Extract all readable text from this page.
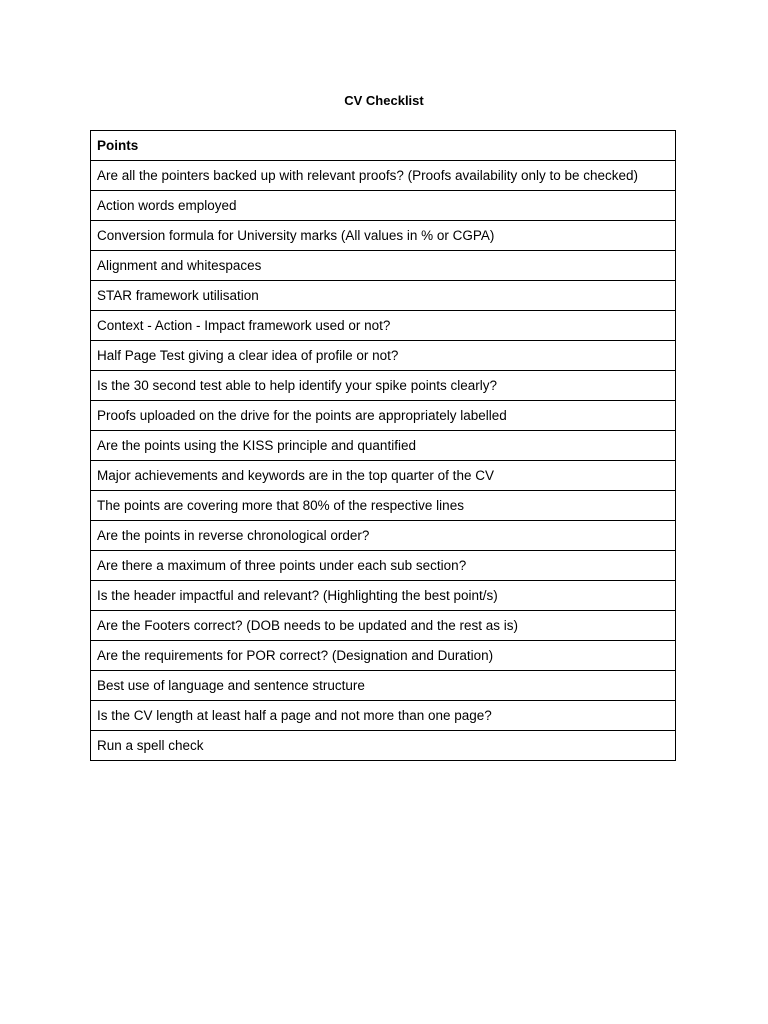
CV Checklist
Points
Are all the pointers backed up with relevant proofs? (Proofs availability only to be checked)
Action words employed
Conversion formula for University marks (All values in % or CGPA)
Alignment and whitespaces
STAR framework utilisation
Context - Action - Impact framework used or not?
Half Page Test giving a clear idea of profile or not?
Is the 30 second test able to help identify your spike points clearly?
Proofs uploaded on the drive for the points are appropriately labelled
Are the points using the KISS principle and quantified
Major achievements and keywords are in the top quarter of the CV
The points are covering more that 80% of the respective lines
Are the points in reverse chronological order?
Are there a maximum of three points under each sub section?
Is the header impactful and relevant? (Highlighting the best point/s)
Are the Footers correct? (DOB needs to be updated and the rest as is)
Are the requirements for POR correct? (Designation and Duration)
Best use of language and sentence structure
Is the CV length at least half a page and not more than one page?
Run a spell check
